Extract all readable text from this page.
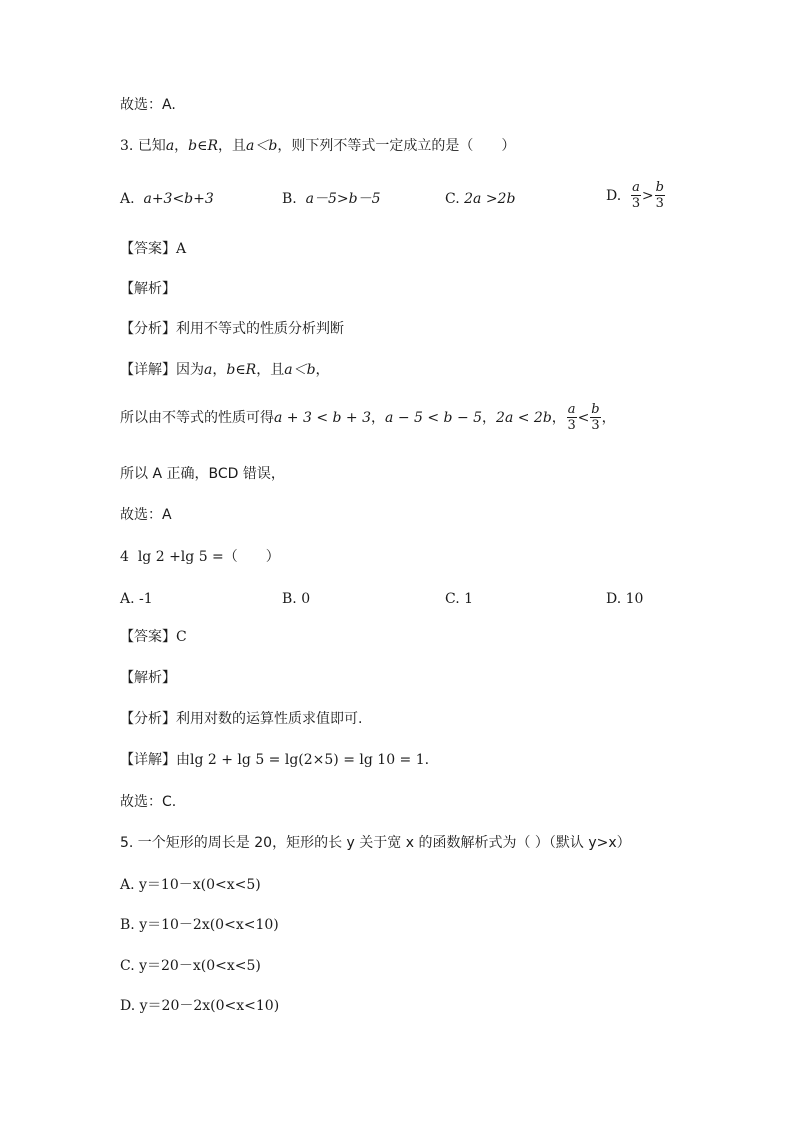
故选：A.
3. 已知a，b∈R，且a＜b，则下列不等式一定成立的是（　　）
A. a+3<b+3	B. a－5>b－5	C. 2a >2b	D.
$\frac{a}{3} > \frac{b}{3}$
【答案】A
【解析】
【分析】利用不等式的性质分析判断
【详解】因为a，b∈R，且a＜b，
所以由不等式的性质可得 a + 3 < b + 3 ， a − 5 < b − 5 ， 2a < 2b ， $\frac{a}{3} < \frac{b}{3}$ ，
所以 A 正确，BCD 错误，
故选：A
4 lg 2 +lg 5 =（　　）
A. -1	B. 0	C. 1	D. 10
【答案】C
【解析】
【分析】利用对数的运算性质求值即可.
【详解】由lg 2 + lg 5 = lg(2×5) = lg 10 = 1.
故选：C.
5. 一个矩形的周长是 20，矩形的长 y 关于宽 x 的函数解析式为（ ）（默认 y>x）
A. y＝10－x(0<x<5)
B. y＝10－2x(0<x<10)
C. y＝20－x(0<x<5)
D. y＝20－2x(0<x<10)
